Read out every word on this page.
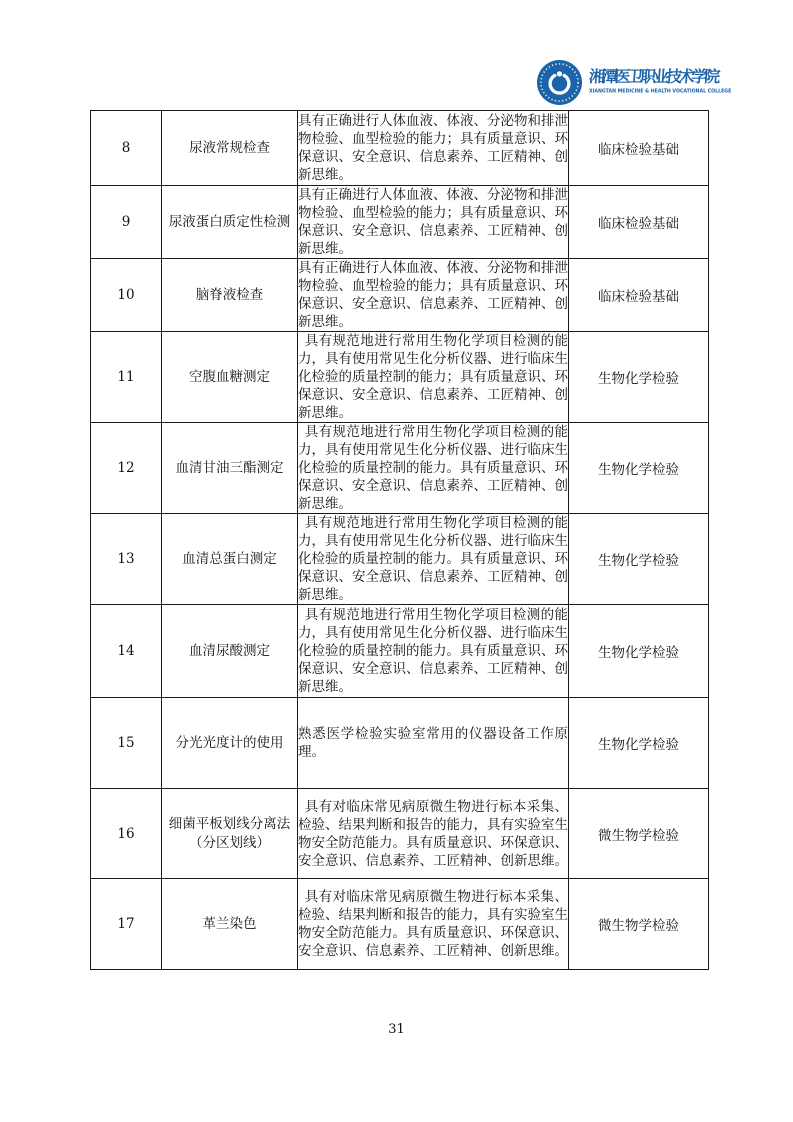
湘潭医卫职业技术学院
XIANGTAN MEDICINE & HEALTH VOCATIONAL COLLEGE
8	尿液常规检查	具有正确进行人体血液、体液、分泌物和排泄物检验、血型检验的能力；具有质量意识、环保意识、安全意识、信息素养、工匠精神、创新思维。	临床检验基础
9	尿液蛋白质定性检测	具有正确进行人体血液、体液、分泌物和排泄物检验、血型检验的能力；具有质量意识、环保意识、安全意识、信息素养、工匠精神、创新思维。	临床检验基础
10	脑脊液检查	具有正确进行人体血液、体液、分泌物和排泄物检验、血型检验的能力；具有质量意识、环保意识、安全意识、信息素养、工匠精神、创新思维。	临床检验基础
11	空腹血糖测定	具有规范地进行常用生物化学项目检测的能力，具有使用常见生化分析仪器、进行临床生化检验的质量控制的能力；具有质量意识、环保意识、安全意识、信息素养、工匠精神、创新思维。	生物化学检验
12	血清甘油三酯测定	具有规范地进行常用生物化学项目检测的能力，具有使用常见生化分析仪器、进行临床生化检验的质量控制的能力。具有质量意识、环保意识、安全意识、信息素养、工匠精神、创新思维。	生物化学检验
13	血清总蛋白测定	具有规范地进行常用生物化学项目检测的能力，具有使用常见生化分析仪器、进行临床生化检验的质量控制的能力。具有质量意识、环保意识、安全意识、信息素养、工匠精神、创新思维。	生物化学检验
14	血清尿酸测定	具有规范地进行常用生物化学项目检测的能力，具有使用常见生化分析仪器、进行临床生化检验的质量控制的能力。具有质量意识、环保意识、安全意识、信息素养、工匠精神、创新思维。	生物化学检验
15	分光光度计的使用	熟悉医学检验实验室常用的仪器设备工作原理。	生物化学检验
16	细菌平板划线分离法（分区划线）	具有对临床常见病原微生物进行标本采集、检验、结果判断和报告的能力，具有实验室生物安全防范能力。具有质量意识、环保意识、安全意识、信息素养、工匠精神、创新思维。	微生物学检验
17	革兰染色	具有对临床常见病原微生物进行标本采集、检验、结果判断和报告的能力，具有实验室生物安全防范能力。具有质量意识、环保意识、安全意识、信息素养、工匠精神、创新思维。	微生物学检验
31
